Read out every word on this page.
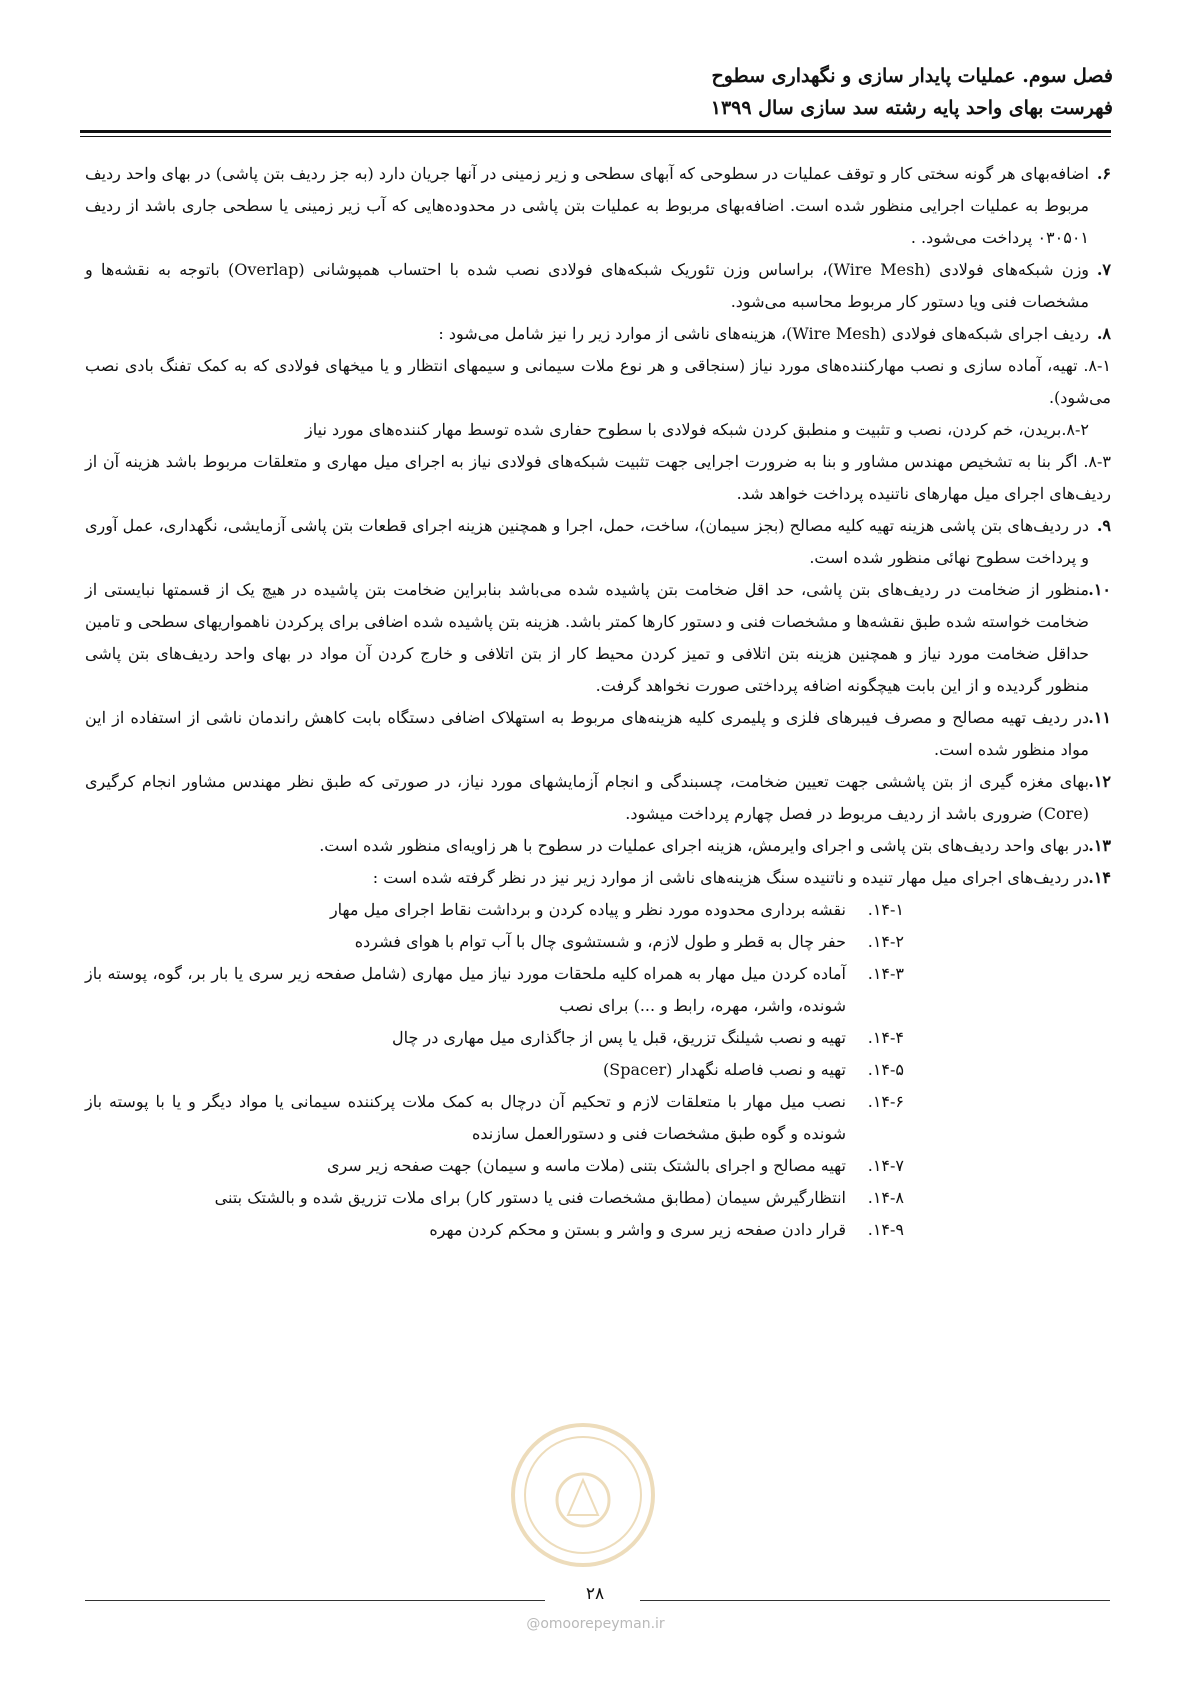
فصل سوم. عملیات پایدار سازی و نگهداری سطوح
فهرست بهای واحد پایه رشته سد سازی سال ۱۳۹۹

۶.
اضافه‌بهای هر گونه سختی کار و توقف عملیات در سطوحی که آبهای سطحی و زیر زمینی در آنها جریان دارد (به جز ردیف بتن پاشی) در بهای واحد ردیف مربوط به عملیات اجرایی منظور شده است. اضافه‌بهای مربوط به عملیات بتن پاشی در محدوده‌هایی که آب زیر زمینی یا سطحی جاری باشد از ردیف ۰۳۰۵۰۱ پرداخت می‌شود. .

۷.
وزن شبکه‌های فولادی (Wire Mesh)، براساس وزن تئوریک شبکه‌های فولادی نصب شده با احتساب همپوشانی (Overlap) باتوجه به نقشه‌ها و مشخصات فنی ویا دستور کار مربوط محاسبه می‌شود.

۸.
ردیف اجرای شبکه‌های فولادی (Wire Mesh)، هزینه‌های ناشی از موارد زیر را نیز شامل می‌شود :

۸-۱. تهیه، آماده سازی و نصب مهارکننده‌های مورد نیاز (سنجاقی و هر نوع ملات سیمانی و سیمهای انتظار و یا میخهای فولادی که به کمک تفنگ بادی نصب می‌شود).

۸-۲.بریدن، خم کردن، نصب و تثبیت و منطبق کردن شبکه فولادی با سطوح حفاری شده توسط مهار کننده‌های مورد نیاز

۸-۳. اگر بنا به تشخیص مهندس مشاور و بنا به ضرورت اجرایی جهت تثبیت شبکه‌های فولادی نیاز به اجرای میل مهاری و متعلقات مربوط باشد هزینه آن از ردیف‌های اجرای میل مهارهای ناتنیده پرداخت خواهد شد.

۹.
در ردیف‌های بتن پاشی هزینه تهیه کلیه مصالح (بجز سیمان)، ساخت، حمل، اجرا و همچنین هزینه اجرای قطعات بتن پاشی آزمایشی، نگهداری، عمل آوری و پرداخت سطوح نهائی منظور شده است.

۱۰.
منظور از ضخامت در ردیف‌های بتن پاشی، حد اقل ضخامت بتن پاشیده شده می‌باشد بنابراین ضخامت بتن پاشیده در هیچ یک از قسمتها نبایستی از ضخامت خواسته شده طبق نقشه‌ها و مشخصات فنی و دستور کارها کمتر باشد. هزینه بتن پاشیده شده اضافی برای پرکردن ناهمواریهای سطحی و تامین حداقل ضخامت مورد نیاز و همچنین هزینه بتن اتلافی و تمیز کردن محیط کار از بتن اتلافی و خارج کردن آن مواد در بهای واحد ردیف‌های بتن پاشی منظور گردیده و از این بابت هیچگونه اضافه پرداختی صورت نخواهد گرفت.

۱۱.
در ردیف تهیه مصالح و مصرف فیبرهای فلزی و پلیمری کلیه هزینه‌های مربوط به استهلاک اضافی دستگاه بابت کاهش راندمان ناشی از استفاده از این مواد منظور شده است.

۱۲.
بهای مغزه گیری از بتن پاششی جهت تعیین ضخامت، چسبندگی و انجام آزمایشهای مورد نیاز، در صورتی که طبق نظر مهندس مشاور انجام کرگیری (Core) ضروری باشد از ردیف مربوط در فصل چهارم پرداخت میشود.

۱۳.
در بهای واحد ردیف‌های بتن پاشی و اجرای وایرمش، هزینه اجرای عملیات در سطوح با هر زاویه‌ای منظور شده است.

۱۴.
در ردیف‌های اجرای میل مهار تنیده و ناتنیده سنگ هزینه‌های ناشی از موارد زیر نیز در نظر گرفته شده است :

۱۴-۱.
نقشه برداری محدوده مورد نظر و پیاده کردن و برداشت نقاط اجرای میل مهار

۱۴-۲.
حفر چال به قطر و طول لازم، و شستشوی چال با آب توام با هوای فشرده

۱۴-۳.
آماده کردن میل مهار به همراه کلیه ملحقات مورد نیاز میل مهاری (شامل صفحه زیر سری یا بار بر، گوه، پوسته باز شونده، واشر، مهره، رابط و ...) برای نصب

۱۴-۴.
تهیه و نصب شیلنگ تزریق، قبل یا پس از جاگذاری میل مهاری در چال

۱۴-۵.
تهیه و نصب فاصله نگهدار (Spacer)

۱۴-۶.
نصب میل مهار با متعلقات لازم و تحکیم آن درچال به کمک ملات پرکننده سیمانی یا مواد دیگر و یا با پوسته باز شونده و گوه طبق مشخصات فنی و دستورالعمل سازنده

۱۴-۷.
تهیه مصالح و اجرای بالشتک بتنی (ملات ماسه و سیمان) جهت صفحه زیر سری

۱۴-۸.
انتظارگیرش سیمان (مطابق مشخصات فنی یا دستور کار) برای ملات تزریق شده و بالشتک بتنی

۱۴-۹.
قرار دادن صفحه زیر سری و واشر و بستن و محکم کردن مهره

۲۸
@omoorepeyman.ir
